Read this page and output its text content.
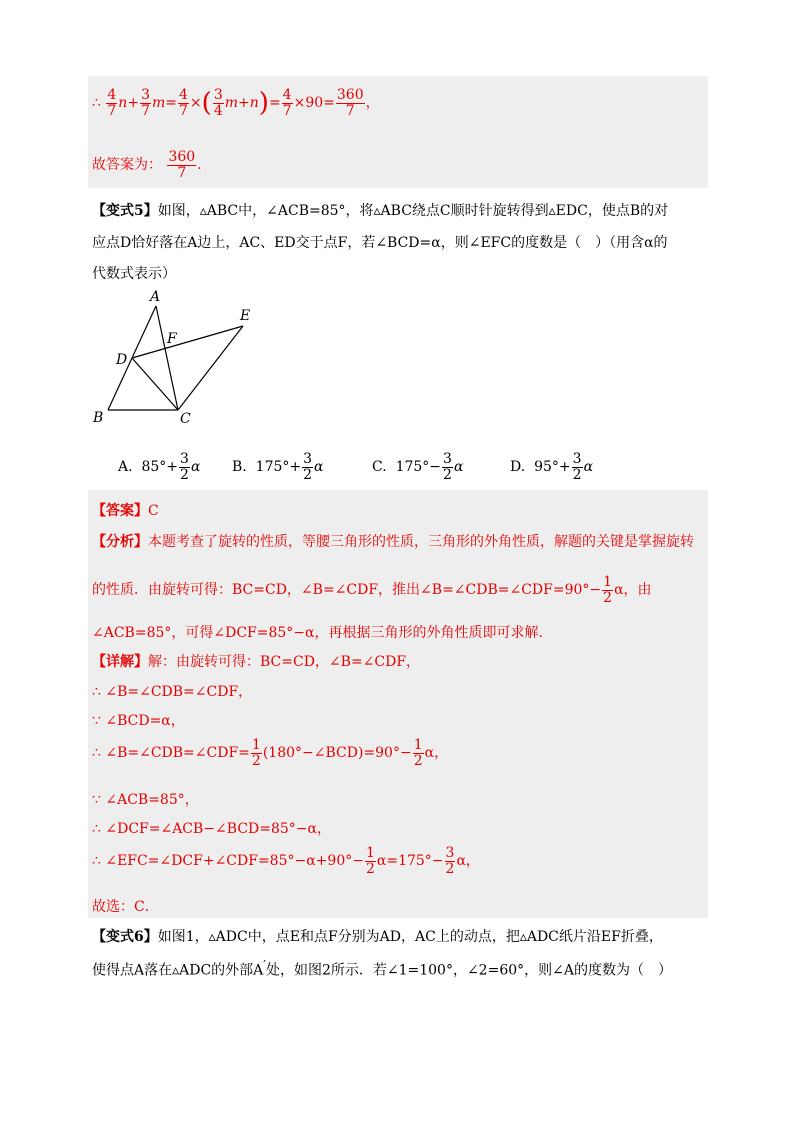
∴ $\frac{4}{7} n+ \frac{3}{7} m= \frac{4}{7}$ ×( $\frac{3}{4} m+n)= \frac{4}{7} \times 90= \frac{360}{7}$ ，
故答案为： $\frac{360}{7}$ ．
【变式5】如图，▵ABC中，∠ACB=85°，将▵ABC绕点C顺时针旋转得到▵EDC，使点B的对
应点D恰好落在A边上，AC、ED交于点F，若∠BCD=α，则∠EFC的度数是（　）（用含α的
代数式表示）
A
B	C
D
E
F
A. $85^\circ+ \frac{3}{2}$ α B. $175^\circ+ \frac{3}{2}$ α	C. $175^\circ- \frac{3}{2}$ α	D. $95^\circ+ \frac{3}{2}$ α
【答案】C
【分析】本题考查了旋转的性质，等腰三角形的性质，三角形的外角性质，解题的关键是掌握旋转
的性质．由旋转可得：BC=CD，∠B=∠CDF，推出∠B=∠CDB=∠CDF=90°− $\frac{1}{2}$ α，由
∠ACB=85°，可得∠DCF=85°−α，再根据三角形的外角性质即可求解．
【详解】解：由旋转可得：BC=CD，∠B=∠CDF，
∴ ∠B=∠CDB=∠CDF，
∵ ∠BCD=α，
∴ ∠B=∠CDB=∠CDF= $\frac{1}{2}$ (180°−∠BCD)=90°− $\frac{1}{2}$ α，
∵ ∠ACB=85°，
∴ ∠DCF=∠ACB−∠BCD=85°−α，
∴ ∠EFC=∠DCF+∠CDF=85°−α+90°− $\frac{1}{2} \alpha=175^\circ- \frac{3}{2}$ α，
故选：C．
【变式6】如图1，▵ADC中，点E和点F分别为AD，AC上的动点，把▵ADC纸片沿EF折叠，
使得点A落在▵ADC的外部A′处，如图2所示．若∠1=100°，∠2=60°，则∠A的度数为（　）
